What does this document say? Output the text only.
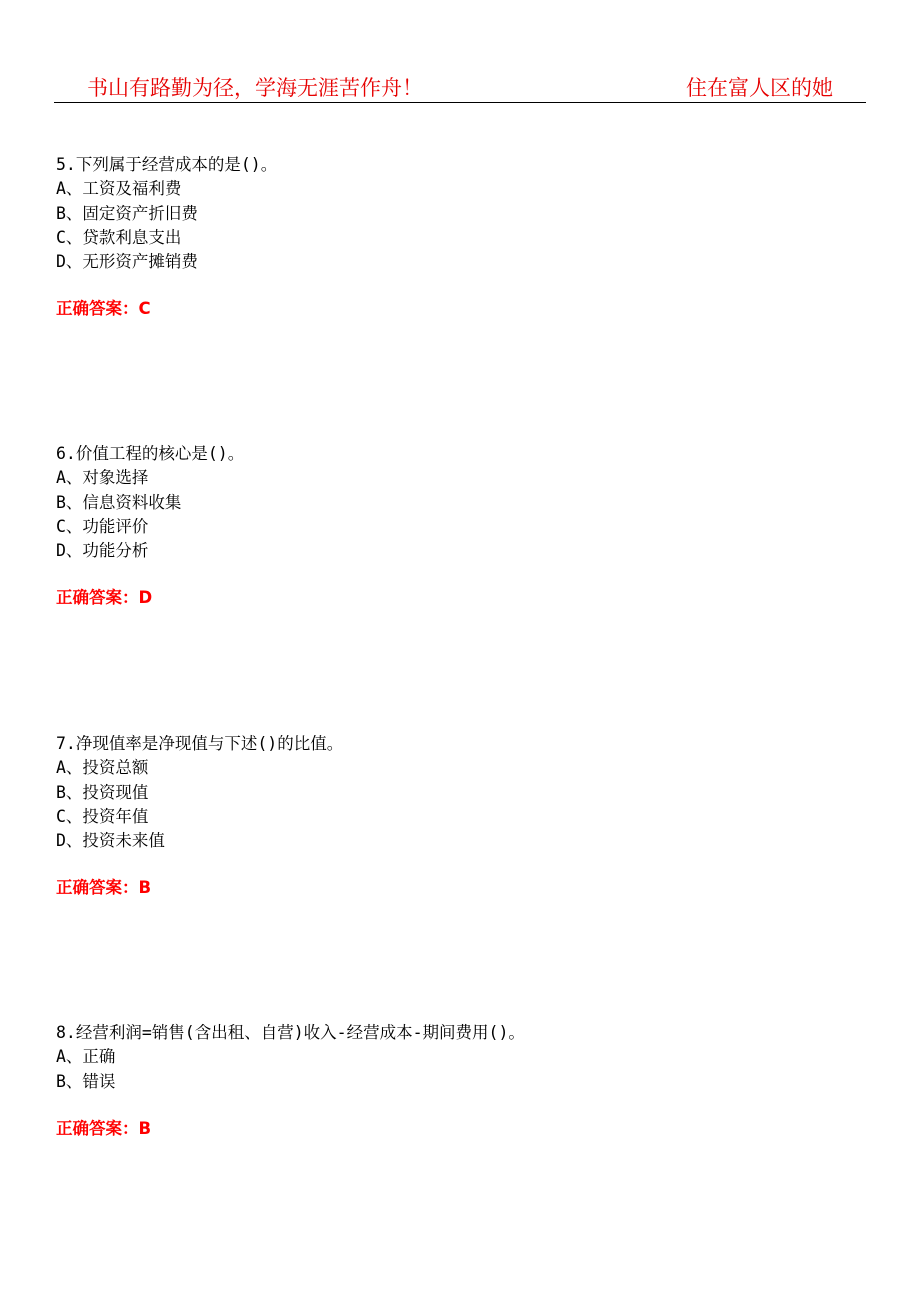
书山有路勤为径，学海无涯苦作舟！	住在富人区的她
5.下列属于经营成本的是()。
A、工资及福利费
B、固定资产折旧费
C、贷款利息支出
D、无形资产摊销费
正确答案：C
6.价值工程的核心是()。
A、对象选择
B、信息资料收集
C、功能评价
D、功能分析
正确答案：D
7.净现值率是净现值与下述()的比值。
A、投资总额
B、投资现值
C、投资年值
D、投资未来值
正确答案：B
8.经营利润=销售(含出租、自营)收入-经营成本-期间费用()。
A、正确
B、错误
正确答案：B
